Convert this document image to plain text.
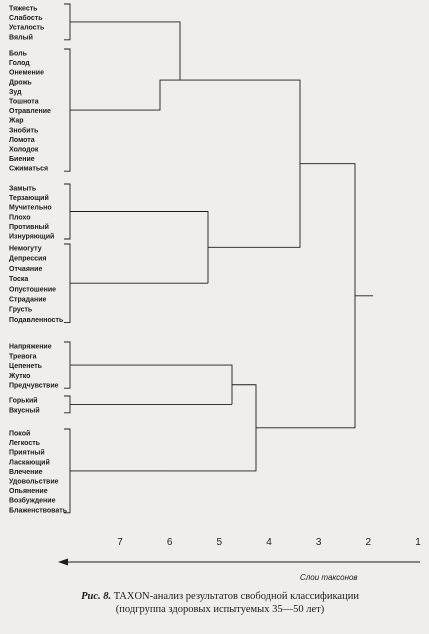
Тяжесть
Слабость
Усталость
Вялый
Боль
Голод
Онемение
Дрожь
Зуд
Тошнота
Отравление
Жар
Знобить
Ломота
Холодок
Биение
Сжиматься
Замыть
Терзающий
Мучительно
Плохо
Противный
Изнуряющий
Немогуту
Депрессия
Отчаяние
Тоска
Опустошение
Страдание
Грусть
Подавленность
Напряжение
Тревога
Цепенеть
Жутко
Предчувствие
Горький
Вкусный
Покой
Легкость
Приятный
Ласкающий
Влечение
Удовольствие
Опьянение
Возбуждение
Блаженствовать
7	6	5	4	3	2	1
Слои таксонов
Рис. 8. TAXON-анализ результатов свободной классификации
(подгруппа здоровых испытуемых 35—50 лет)
